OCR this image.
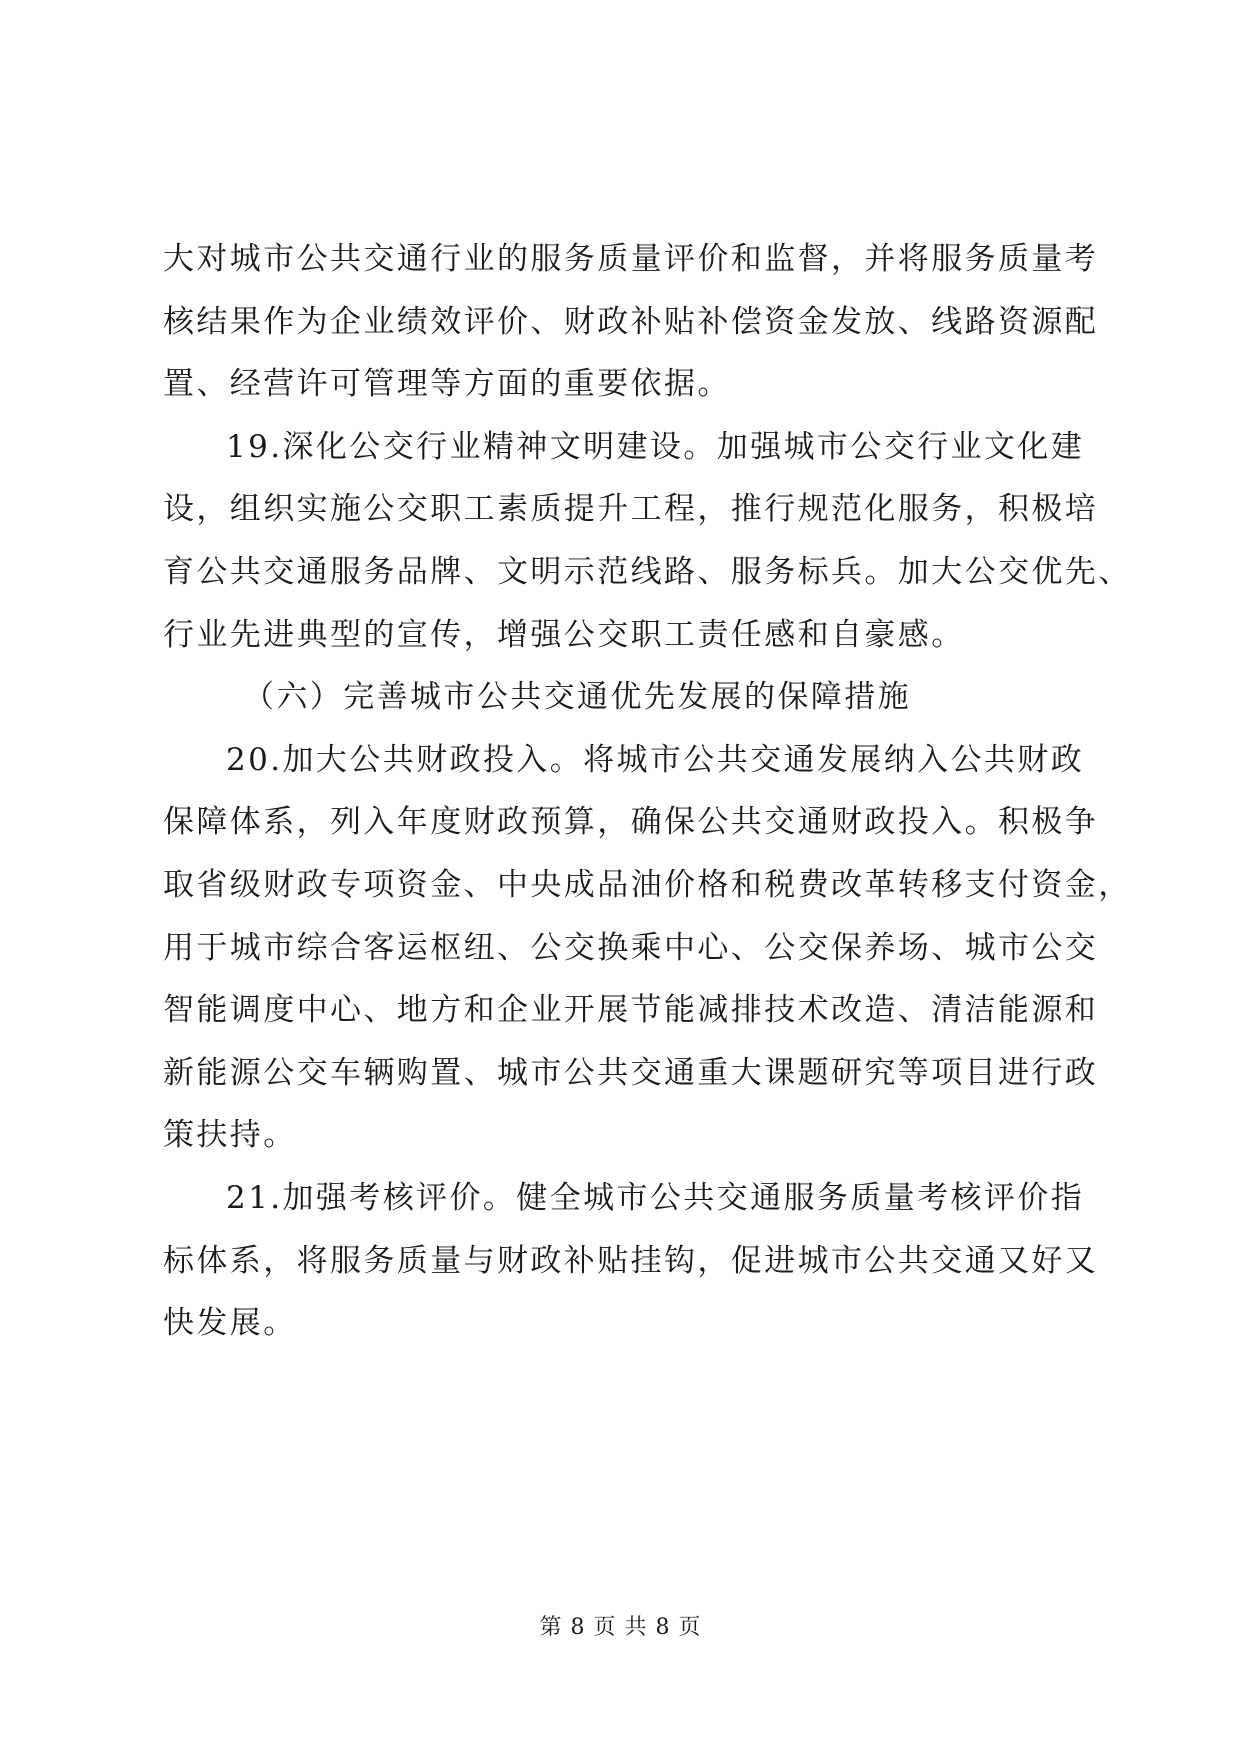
大对城市公共交通行业的服务质量评价和监督，并将服务质量考
核结果作为企业绩效评价、财政补贴补偿资金发放、线路资源配
置、经营许可管理等方面的重要依据。
19.深化公交行业精神文明建设。加强城市公交行业文化建
设，组织实施公交职工素质提升工程，推行规范化服务，积极培
育公共交通服务品牌、文明示范线路、服务标兵。加大公交优先、
行业先进典型的宣传，增强公交职工责任感和自豪感。
（六）完善城市公共交通优先发展的保障措施
20.加大公共财政投入。将城市公共交通发展纳入公共财政
保障体系，列入年度财政预算，确保公共交通财政投入。积极争
取省级财政专项资金、中央成品油价格和税费改革转移支付资金，
用于城市综合客运枢纽、公交换乘中心、公交保养场、城市公交
智能调度中心、地方和企业开展节能减排技术改造、清洁能源和
新能源公交车辆购置、城市公共交通重大课题研究等项目进行政
策扶持。
21.加强考核评价。健全城市公共交通服务质量考核评价指
标体系，将服务质量与财政补贴挂钩，促进城市公共交通又好又
快发展。
第 8 页 共 8 页
